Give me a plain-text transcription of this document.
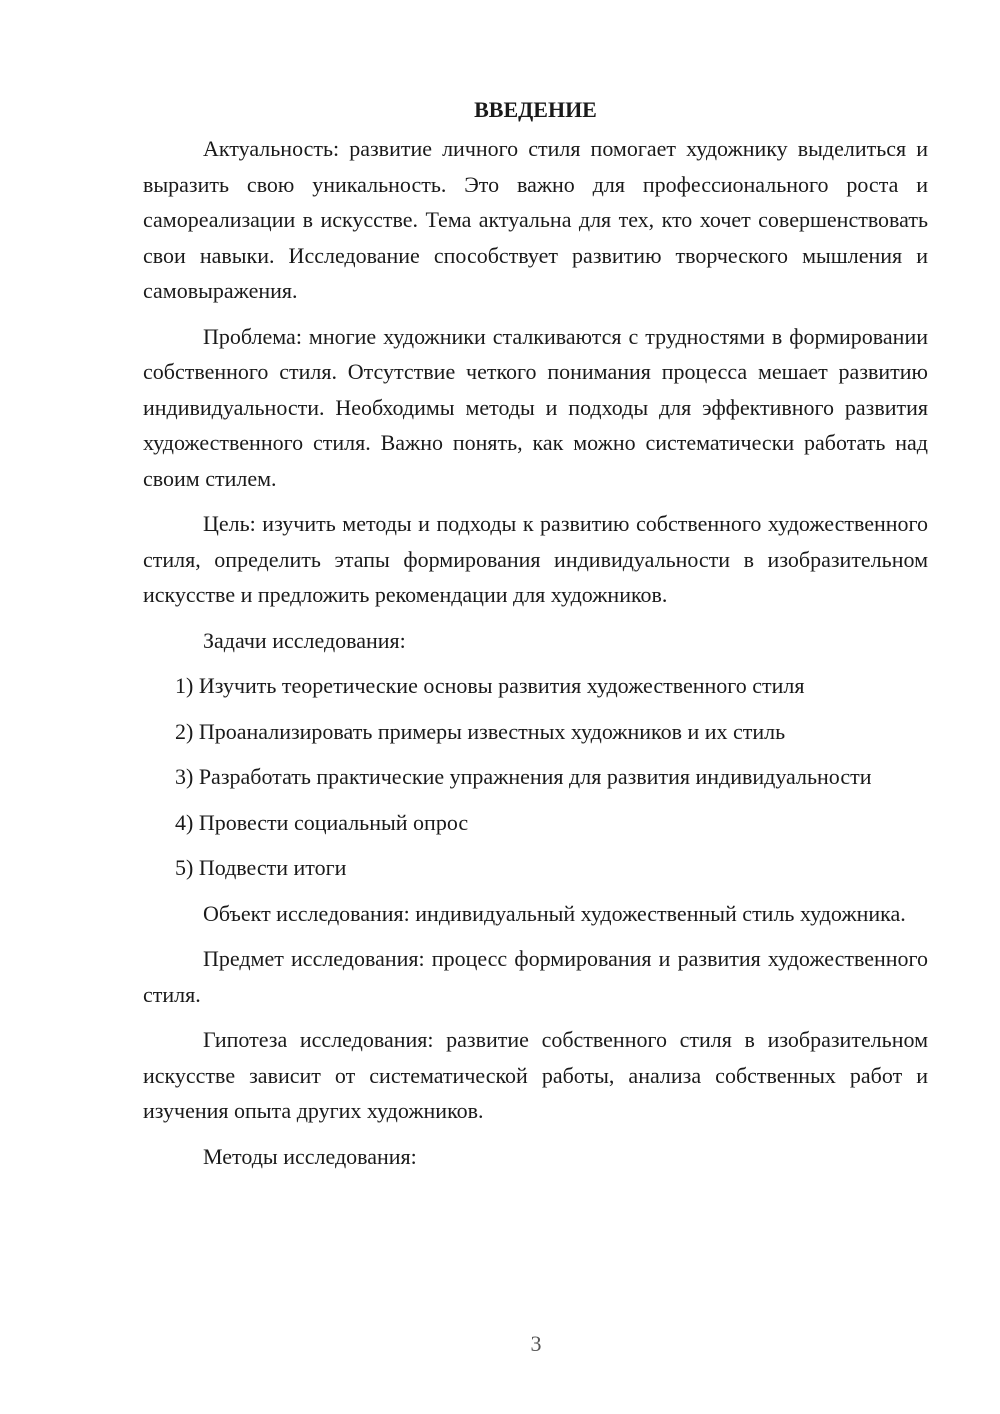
ВВЕДЕНИЕ

Актуальность: развитие личного стиля помогает художнику выделиться и выразить свою уникальность. Это важно для профессионального роста и самореализации в искусстве. Тема актуальна для тех, кто хочет совершенствовать свои навыки. Исследование способствует развитию творческого мышления и самовыражения.

Проблема: многие художники сталкиваются с трудностями в формировании собственного стиля. Отсутствие четкого понимания процесса мешает развитию индивидуальности. Необходимы методы и подходы для эффективного развития художественного стиля. Важно понять, как можно систематически работать над своим стилем.

Цель: изучить методы и подходы к развитию собственного художественного стиля, определить этапы формирования индивидуальности в изобразительном искусстве и предложить рекомендации для художников.

Задачи исследования:

1) Изучить теоретические основы развития художественного стиля

2) Проанализировать примеры известных художников и их стиль

3) Разработать практические упражнения для развития индивидуальности

4) Провести социальный опрос

5) Подвести итоги

Объект исследования: индивидуальный художественный стиль художника.

Предмет исследования: процесс формирования и развития художественного стиля.

Гипотеза исследования: развитие собственного стиля в изобразительном искусстве зависит от систематической работы, анализа собственных работ и изучения опыта других художников.

Методы исследования:

3
